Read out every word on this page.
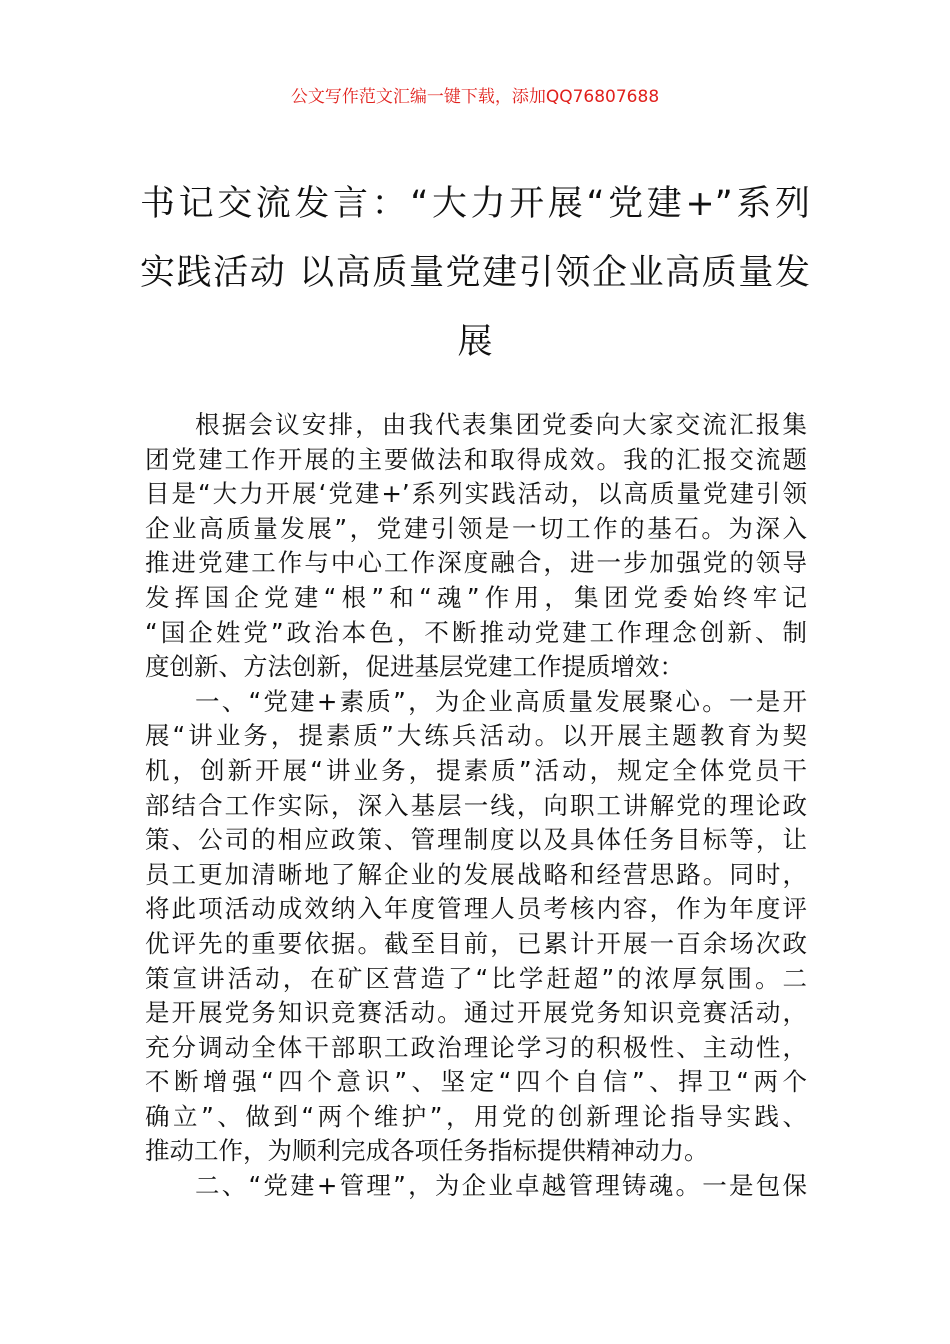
公文写作范文汇编一键下载，添加QQ76807688
书记交流发言：“大力开展“党建+”系列
实践活动 以高质量党建引领企业高质量发
展
根据会议安排，由我代表集团党委向大家交流汇报集
团党建工作开展的主要做法和取得成效。我的汇报交流题
目是“大力开展‘党建+’系列实践活动，以高质量党建引领
企业高质量发展”，党建引领是一切工作的基石。为深入
推进党建工作与中心工作深度融合，进一步加强党的领导
发挥国企党建“根”和“魂”作用，集团党委始终牢记
“国企姓党”政治本色，不断推动党建工作理念创新、制
度创新、方法创新，促进基层党建工作提质增效：
一、“党建+素质”，为企业高质量发展聚心。一是开
展“讲业务，提素质”大练兵活动。以开展主题教育为契
机，创新开展“讲业务，提素质”活动，规定全体党员干
部结合工作实际，深入基层一线，向职工讲解党的理论政
策、公司的相应政策、管理制度以及具体任务目标等，让
员工更加清晰地了解企业的发展战略和经营思路。同时，
将此项活动成效纳入年度管理人员考核内容，作为年度评
优评先的重要依据。截至目前，已累计开展一百余场次政
策宣讲活动，在矿区营造了“比学赶超”的浓厚氛围。二
是开展党务知识竞赛活动。通过开展党务知识竞赛活动，
充分调动全体干部职工政治理论学习的积极性、主动性，
不断增强“四个意识”、坚定“四个自信”、捍卫“两个
确立”、做到“两个维护”，用党的创新理论指导实践、
推动工作，为顺利完成各项任务指标提供精神动力。
二、“党建+管理”，为企业卓越管理铸魂。一是包保
